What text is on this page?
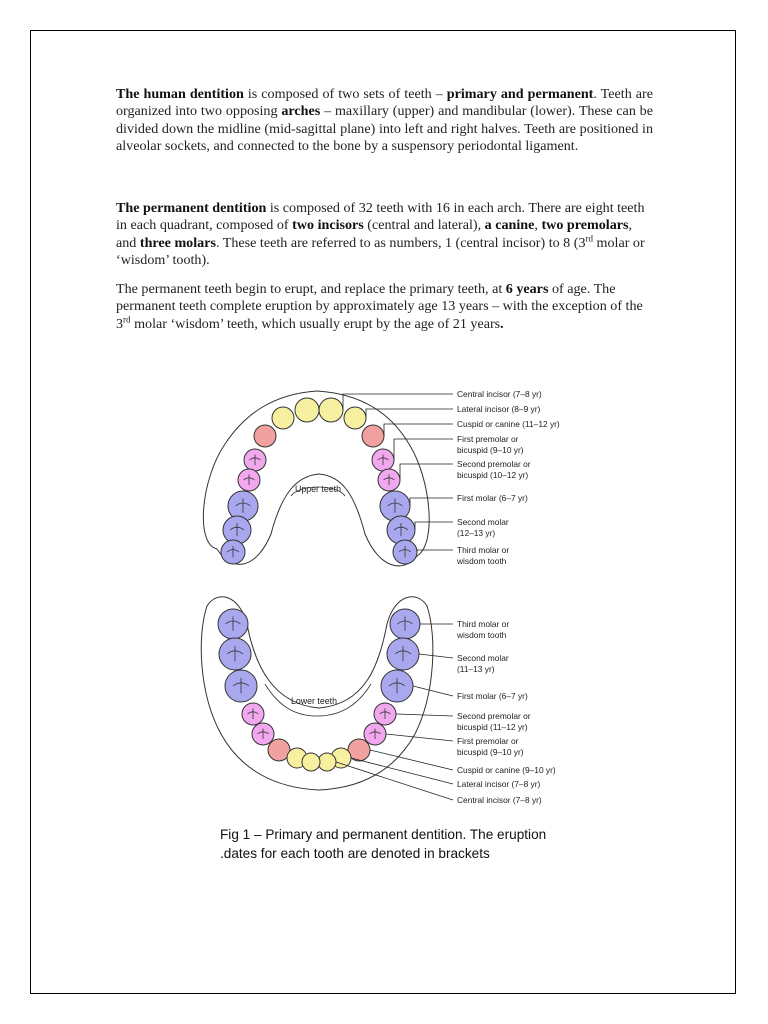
The human dentition is composed of two sets of teeth – primary and permanent. Teeth are organized into two opposing arches – maxillary (upper) and mandibular (lower). These can be divided down the midline (mid-sagittal plane) into left and right halves. Teeth are positioned in alveolar sockets, and connected to the bone by a suspensory periodontal ligament.

The permanent dentition is composed of 32 teeth with 16 in each arch. There are eight teeth in each quadrant, composed of two incisors (central and lateral), a canine, two premolars, and three molars. These teeth are referred to as numbers, 1 (central incisor) to 8 (3rd molar or ‘wisdom’ tooth).

The permanent teeth begin to erupt, and replace the primary teeth, at 6 years of age. The permanent teeth complete eruption by approximately age 13 years – with the exception of the 3rd molar ‘wisdom’ teeth, which usually erupt by the age of 21 years.

Upper teeth
Lower teeth
Central incisor (7–8 yr)
Lateral incisor (8–9 yr)
Cuspid or canine (11–12 yr)
First premolar or bicuspid (9–10 yr)
Second premolar or bicuspid (10–12 yr)
First molar (6–7 yr)
Second molar (12–13 yr)
Third molar or wisdom tooth
Third molar or wisdom tooth
Second molar (11–13 yr)
First molar (6–7 yr)
Second premolar or bicuspid (11–12 yr)
First premolar or bicuspid (9–10 yr)
Cuspid or canine (9–10 yr)
Lateral incisor (7–8 yr)
Central incisor (7–8 yr)
Fig 1 – Primary and permanent dentition. The eruption
.dates for each tooth are denoted in brackets
